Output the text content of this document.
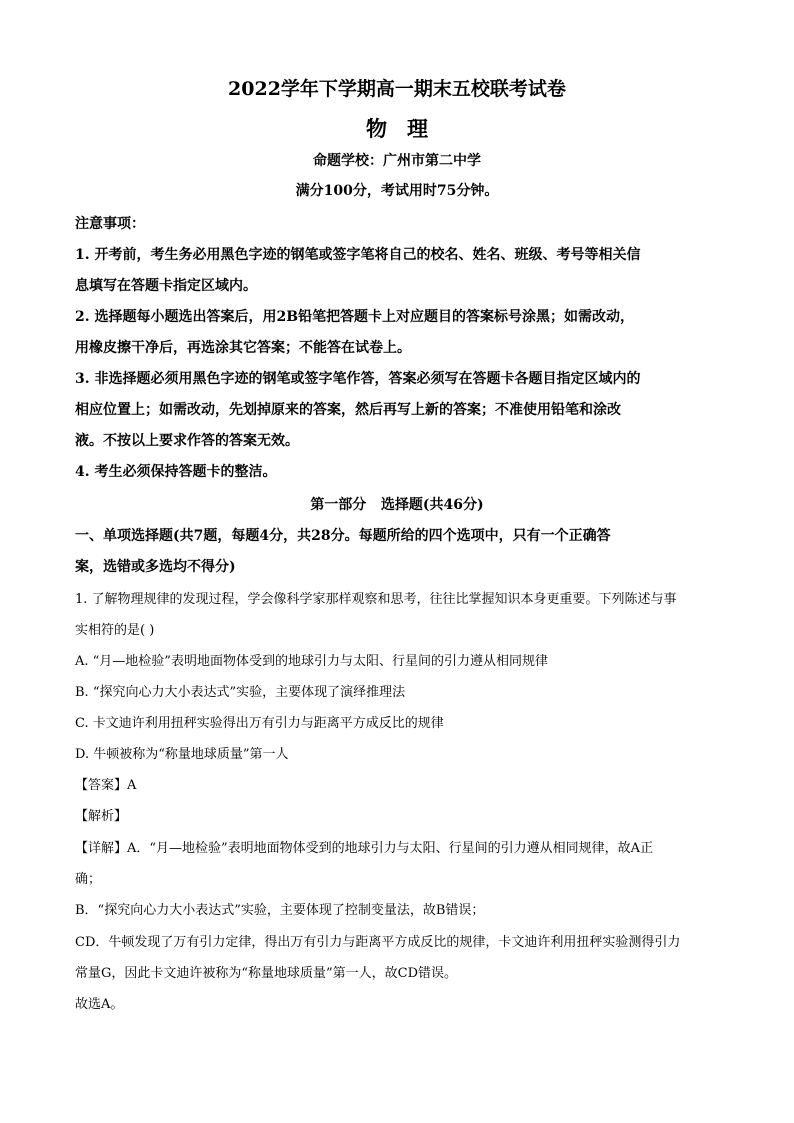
2022学年下学期高一期末五校联考试卷
物理
命题学校：广州市第二中学
满分100分，考试用时75分钟。
注意事项：
1. 开考前，考生务必用黑色字迹的钢笔或签字笔将自己的校名、姓名、班级、考号等相关信
息填写在答题卡指定区域内。
2. 选择题每小题选出答案后，用2B铅笔把答题卡上对应题目的答案标号涂黑；如需改动，
用橡皮擦干净后，再选涂其它答案；不能答在试卷上。
3. 非选择题必须用黑色字迹的钢笔或签字笔作答，答案必须写在答题卡各题目指定区域内的
相应位置上；如需改动，先划掉原来的答案，然后再写上新的答案；不准使用铅笔和涂改
液。不按以上要求作答的答案无效。
4. 考生必须保持答题卡的整洁。
第一部分   选择题(共46分)
一、单项选择题(共7题，每题4分，共28分。每题所给的四个选项中，只有一个正确答
案，选错或多选均不得分)
1. 了解物理规律的发现过程，学会像科学家那样观察和思考，往往比掌握知识本身更重要。下列陈述与事
实相符的是( )
A. “月—地检验”表明地面物体受到的地球引力与太阳、行星间的引力遵从相同规律
B. “探究向心力大小表达式”实验，主要体现了演绎推理法
C. 卡文迪许利用扭秤实验得出万有引力与距离平方成反比的规律
D. 牛顿被称为“称量地球质量”第一人
【答案】A
【解析】
【详解】A．“月—地检验”表明地面物体受到的地球引力与太阳、行星间的引力遵从相同规律，故A正
确；
B．“探究向心力大小表达式”实验，主要体现了控制变量法，故B错误；
CD．牛顿发现了万有引力定律，得出万有引力与距离平方成反比的规律，卡文迪许利用扭秤实验测得引力
常量G，因此卡文迪许被称为“称量地球质量”第一人，故CD错误。
故选A。
